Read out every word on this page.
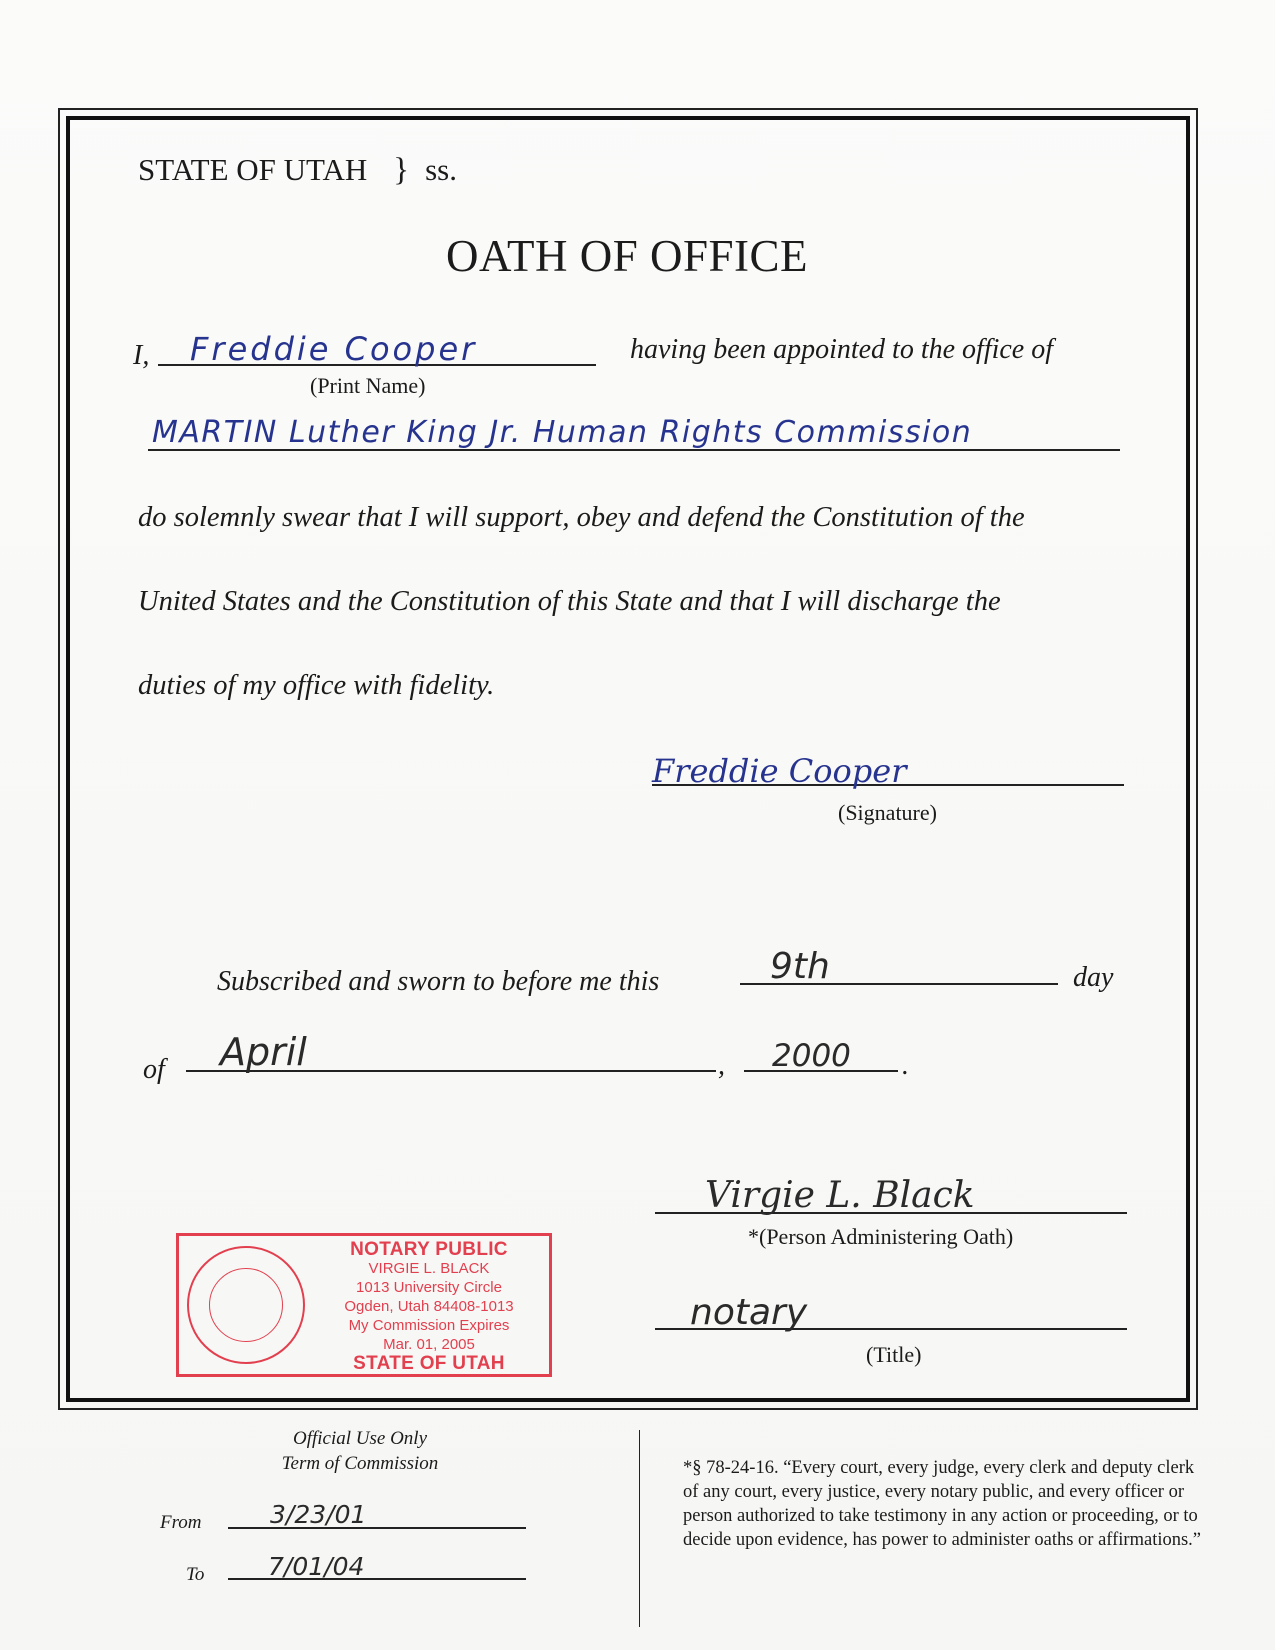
STATE OF UTAH } ss.
OATH OF OFFICE
I, Freddie Cooper
(Print Name)
having been appointed to the office of
MARTIN Luther King Jr. Human Rights Commission
do solemnly swear that I will support, obey and defend the Constitution of the
United States and the Constitution of this State and that I will discharge the
duties of my office with fidelity.
Freddie Cooper
(Signature)
Subscribed and sworn to before me this	9th	day
of April	, 2000 .
Virgie L. Black
*(Person Administering Oath)
notary
(Title)
NOTARY PUBLIC
VIRGIE L. BLACK
1013 University Circle
Ogden, Utah 84408-1013
My Commission Expires
Mar. 01, 2005
STATE OF UTAH
Official Use Only
Term of Commission
From	3/23/01
To	7/01/04
*§ 78-24-16. “Every court, every judge, every clerk and deputy clerk of any court, every justice, every notary public, and every officer or person authorized to take testimony in any action or proceeding, or to decide upon evidence, has power to administer oaths or affirmations.”
